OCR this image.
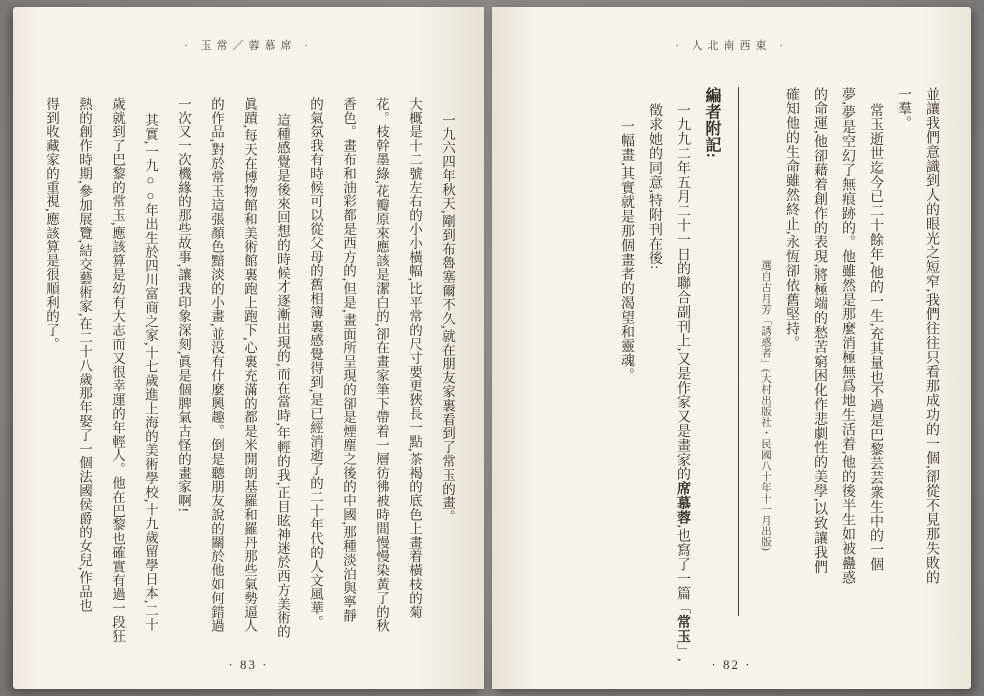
· 玉常／蓉慕席 ·

一九六四年秋天,剛到布魯塞爾不久,就在朋友家裏看到了常玉的畫。

大概是十二號左右的小小橫幅,比平常的尺寸要更狹長一點,茶褐的底色上畫着橫枝的菊

花。枝幹墨綠,花瓣原來應該是潔白的,卻在畫家筆下帶着一層彷彿被時間慢慢染黃了的秋

香色。畫布和油彩都是西方的,但是,畫面所呈現的卻是煙塵之後的中國,那種淡泊與寧靜

的氣氛我有時候可以從父母的舊相簿裏感覺得到,是已經消逝了的二十年代的人文風華。

這種感覺是後來回想的時候才逐漸出現的,而在當時,年輕的我,正目眩神迷於西方美術的

眞蹟,每天在博物館和美術館裏跑上跑下,心裏充滿的都是米開朗基羅和羅丹那些氣勢逼人

的作品,對於常玉這張顏色黯淡的小畫,並没有什麼興趣。倒是聽朋友說的關於他如何錯過

一次又一次機緣的那些故事,讓我印象深刻,眞是個脾氣古怪的畫家啊!

其實,一九○○年出生於四川富商之家,十七歲進上海的美術學校,十九歲留學日本,二十

歲就到了巴黎的常玉,應該算是幼有大志而又很幸運的年輕人。他在巴黎也確實有過一段狂

熱的創作時期,參加展覽,結交藝術家,在二十八歲那年娶了一個法國侯爵的女兒,作品也

得到收藏家的重視,應該算是很順利的了。

· 83 ·
· 人北南西東 ·

並讓我們意識到人的眼光之短窄,我們往往只看那成功的一個,卻從不見那失敗的

一羣。

常玉逝世迄今已二十餘年,他的一生,充其量也不過是巴黎芸芸衆生中的一個

夢,夢是空幻了無痕跡的。他雖然是那麼消極無爲地生活着,他的後半生如被蠱惑

的命運,他卻藉着創作的表現,將極端的愁苦窮困化作悲劇性的美學,以致讓我們

確知他的生命雖然終止,永恆卻依舊堅持。

選自古月芳「誘惑者」(大村出版社・民國八十年十一月出版)

編者附記:

一九九二年五月二十一日的聯合副刊上,又是作家又是畫家的席慕蓉,也寫了一篇「常玉」,

徵求她的同意,特附刊在後:

一幅畫,其實就是那個畫者的渴望和靈魂。

· 82 ·
